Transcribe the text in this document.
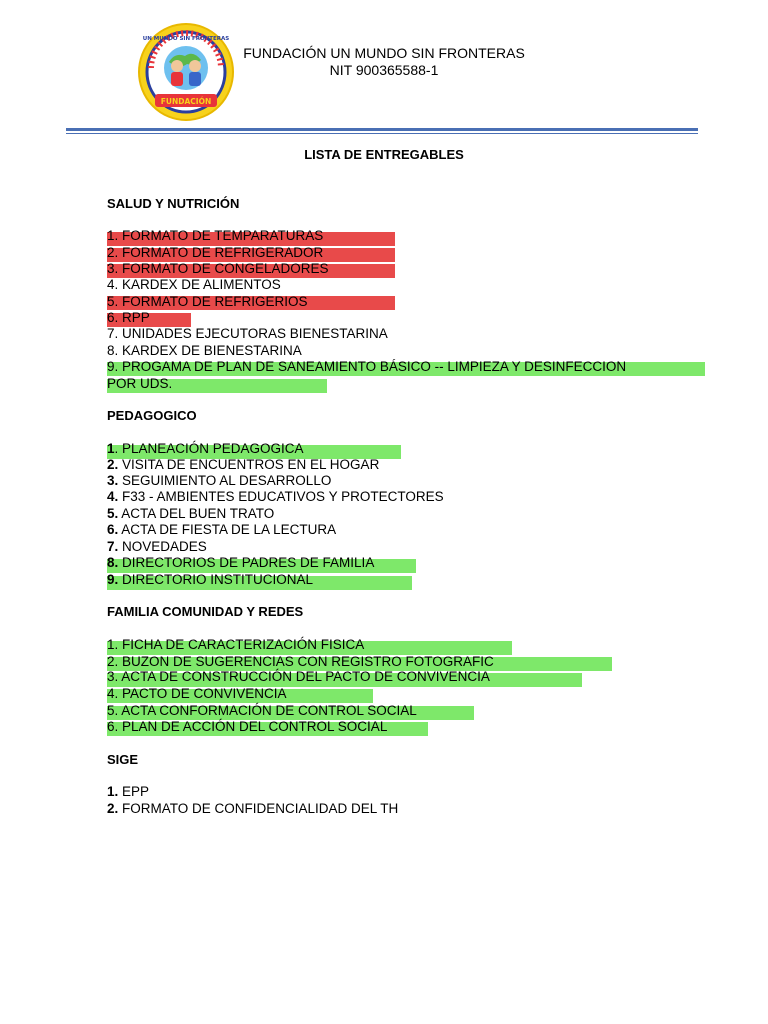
FUNDACIÓN
UN MUNDO SIN FRONTERAS
FUNDACIÓN UN MUNDO SIN FRONTERAS
NIT 900365588-1
LISTA DE ENTREGABLES
SALUD Y NUTRICIÓN
1. FORMATO DE TEMPARATURAS
2. FORMATO DE REFRIGERADOR
3. FORMATO DE CONGELADORES
4. KARDEX DE ALIMENTOS
5. FORMATO DE REFRIGERIOS
6. RPP
7. UNIDADES EJECUTORAS BIENESTARINA
8. KARDEX DE BIENESTARINA
9. PROGAMA DE PLAN DE SANEAMIENTO BÁSICO -- LIMPIEZA Y DESINFECCION
POR UDS.
PEDAGOGICO
1. PLANEACIÓN PEDAGOGICA
2. VISITA DE ENCUENTROS EN EL HOGAR
3. SEGUIMIENTO AL DESARROLLO
4. F33 - AMBIENTES EDUCATIVOS Y PROTECTORES
5. ACTA DEL BUEN TRATO
6. ACTA DE FIESTA DE LA LECTURA
7. NOVEDADES
8. DIRECTORIOS DE PADRES DE FAMILIA
9. DIRECTORIO INSTITUCIONAL
FAMILIA COMUNIDAD Y REDES
1. FICHA DE CARACTERIZACIÓN FISICA
2. BUZON DE SUGERENCIAS CON REGISTRO FOTOGRAFIC
3. ACTA DE CONSTRUCCIÓN DEL PACTO DE CONVIVENCIA
4. PACTO DE CONVIVENCIA
5. ACTA CONFORMACIÓN DE CONTROL SOCIAL
6. PLAN DE ACCIÓN DEL CONTROL SOCIAL
SIGE
1. EPP
2. FORMATO DE CONFIDENCIALIDAD DEL TH
